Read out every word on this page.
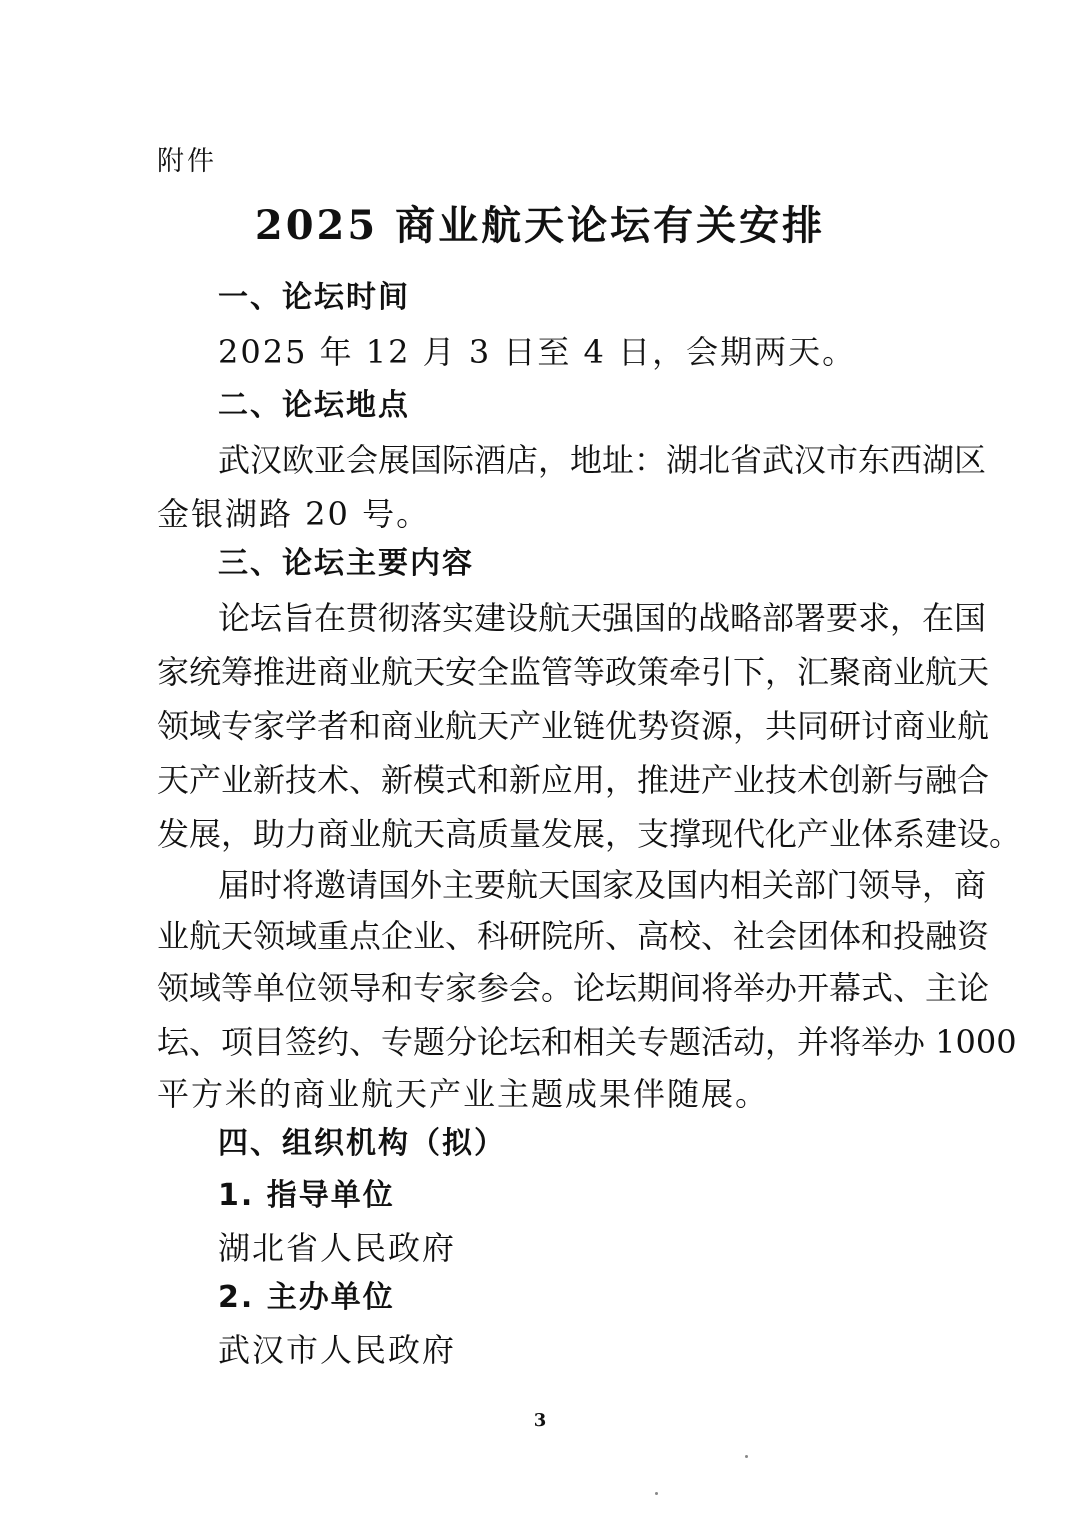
附件
2025 商业航天论坛有关安排
一、论坛时间
2025 年 12 月 3 日至 4 日，会期两天。
二、论坛地点
武汉欧亚会展国际酒店，地址：湖北省武汉市东西湖区
金银湖路 20 号。
三、论坛主要内容
论坛旨在贯彻落实建设航天强国的战略部署要求，在国
家统筹推进商业航天安全监管等政策牵引下，汇聚商业航天
领域专家学者和商业航天产业链优势资源，共同研讨商业航
天产业新技术、新模式和新应用，推进产业技术创新与融合
发展，助力商业航天高质量发展，支撑现代化产业体系建设。
届时将邀请国外主要航天国家及国内相关部门领导，商
业航天领域重点企业、科研院所、高校、社会团体和投融资
领域等单位领导和专家参会。论坛期间将举办开幕式、主论
坛、项目签约、专题分论坛和相关专题活动，并将举办 1000
平方米的商业航天产业主题成果伴随展。
四、组织机构（拟）
1. 指导单位
湖北省人民政府
2. 主办单位
武汉市人民政府
3
